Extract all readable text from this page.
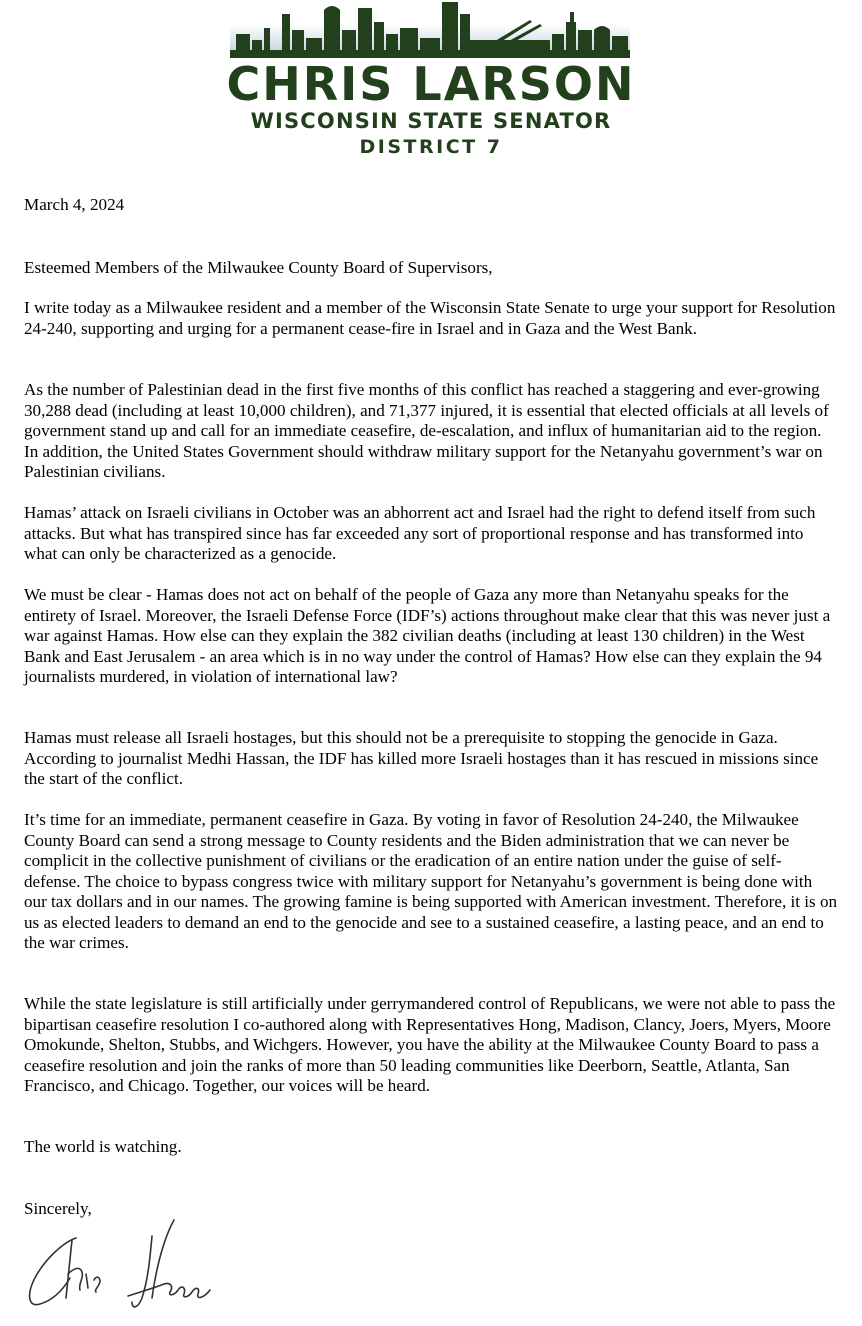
CHRIS LARSON
WISCONSIN STATE SENATOR
DISTRICT 7
March 4, 2024
Esteemed Members of the Milwaukee County Board of Supervisors,

I write today as a Milwaukee resident and a member of the Wisconsin State Senate to urge your support for Resolution 24-240, supporting and urging for a permanent cease-fire in Israel and in Gaza and the West Bank.

As the number of Palestinian dead in the first five months of this conflict has reached a staggering and ever-growing 30,288 dead (including at least 10,000 children), and 71,377 injured, it is essential that elected officials at all levels of government stand up and call for an immediate ceasefire, de-escalation, and influx of humanitarian aid to the region. In addition, the United States Government should withdraw military support for the Netanyahu government’s war on Palestinian civilians.

Hamas’ attack on Israeli civilians in October was an abhorrent act and Israel had the right to defend itself from such attacks. But what has transpired since has far exceeded any sort of proportional response and has transformed into what can only be characterized as a genocide.

We must be clear - Hamas does not act on behalf of the people of Gaza any more than Netanyahu speaks for the entirety of Israel. Moreover, the Israeli Defense Force (IDF’s) actions throughout make clear that this was never just a war against Hamas. How else can they explain the 382 civilian deaths (including at least 130 children) in the West Bank and East Jerusalem - an area which is in no way under the control of Hamas? How else can they explain the 94 journalists murdered, in violation of international law?

Hamas must release all Israeli hostages, but this should not be a prerequisite to stopping the genocide in Gaza. According to journalist Medhi Hassan, the IDF has killed more Israeli hostages than it has rescued in missions since the start of the conflict.

It’s time for an immediate, permanent ceasefire in Gaza. By voting in favor of Resolution 24-240, the Milwaukee County Board can send a strong message to County residents and the Biden administration that we can never be complicit in the collective punishment of civilians or the eradication of an entire nation under the guise of self-defense. The choice to bypass congress twice with military support for Netanyahu’s government is being done with our tax dollars and in our names. The growing famine is being supported with American investment. Therefore, it is on us as elected leaders to demand an end to the genocide and see to a sustained ceasefire, a lasting peace, and an end to the war crimes.

While the state legislature is still artificially under gerrymandered control of Republicans, we were not able to pass the bipartisan ceasefire resolution I co-authored along with Representatives Hong, Madison, Clancy, Joers, Myers, Moore Omokunde, Shelton, Stubbs, and Wichgers. However, you have the ability at the Milwaukee County Board to pass a ceasefire resolution and join the ranks of more than 50 leading communities like Deerborn, Seattle, Atlanta, San Francisco, and Chicago. Together, our voices will be heard.

The world is watching.

Sincerely,
